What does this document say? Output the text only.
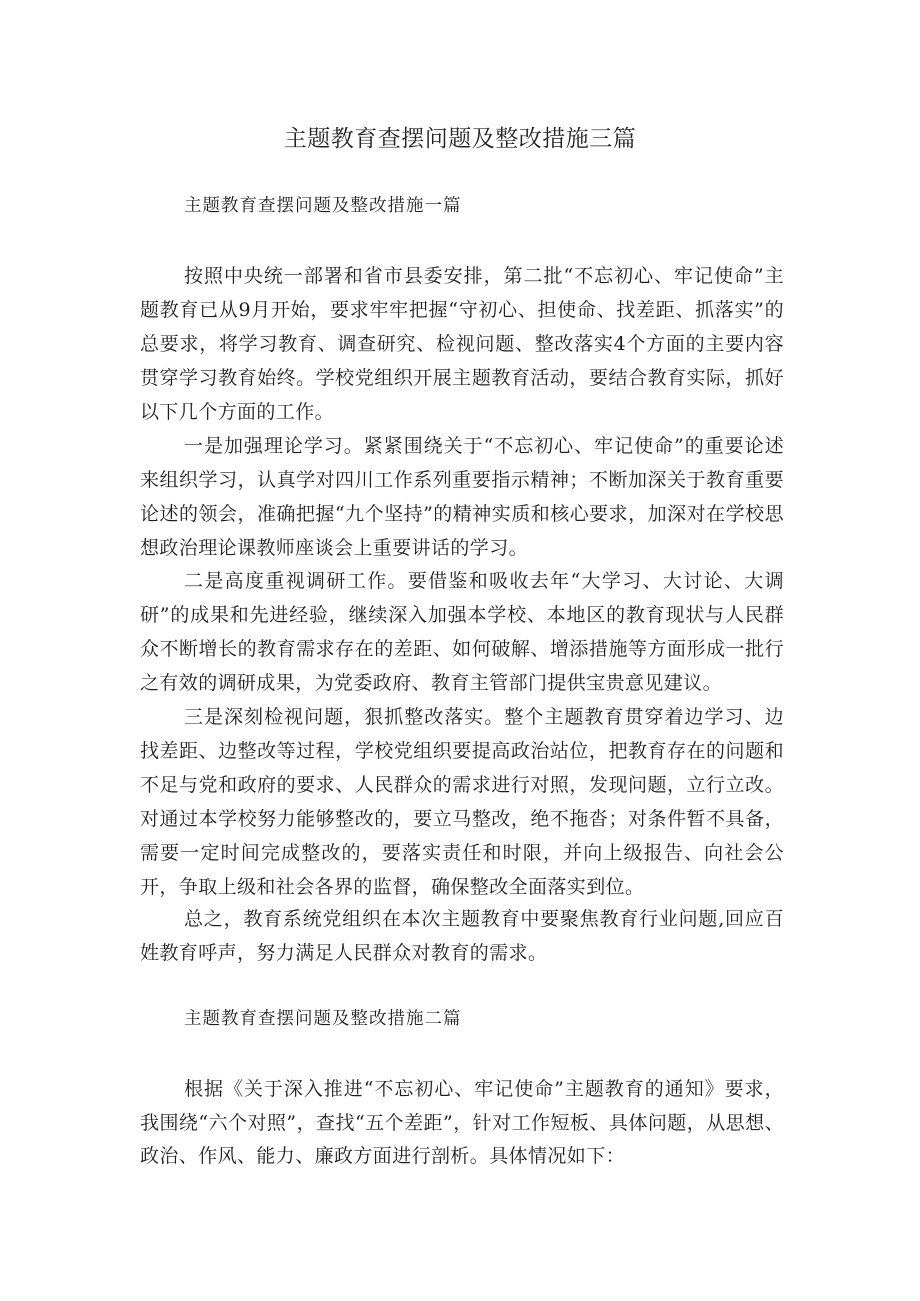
主题教育查摆问题及整改措施三篇
主题教育查摆问题及整改措施一篇

按照中央统一部署和省市县委安排，第二批“不忘初心、牢记使命”主题教育已从9月开始，要求牢牢把握“守初心、担使命、找差距、抓落实”的总要求，将学习教育、调查研究、检视问题、整改落实4个方面的主要内容贯穿学习教育始终。学校党组织开展主题教育活动，要结合教育实际，抓好以下几个方面的工作。

一是加强理论学习。紧紧围绕关于“不忘初心、牢记使命”的重要论述来组织学习，认真学对四川工作系列重要指示精神；不断加深关于教育重要论述的领会，准确把握“九个坚持”的精神实质和核心要求，加深对在学校思想政治理论课教师座谈会上重要讲话的学习。

二是高度重视调研工作。要借鉴和吸收去年“大学习、大讨论、大调研”的成果和先进经验，继续深入加强本学校、本地区的教育现状与人民群众不断增长的教育需求存在的差距、如何破解、增添措施等方面形成一批行之有效的调研成果，为党委政府、教育主管部门提供宝贵意见建议。

三是深刻检视问题，狠抓整改落实。整个主题教育贯穿着边学习、边找差距、边整改等过程，学校党组织要提高政治站位，把教育存在的问题和不足与党和政府的要求、人民群众的需求进行对照，发现问题，立行立改。对通过本学校努力能够整改的，要立马整改，绝不拖沓；对条件暂不具备，需要一定时间完成整改的，要落实责任和时限，并向上级报告、向社会公开，争取上级和社会各界的监督，确保整改全面落实到位。

总之，教育系统党组织在本次主题教育中要聚焦教育行业问题,回应百姓教育呼声，努力满足人民群众对教育的需求。

主题教育查摆问题及整改措施二篇

根据《关于深入推进“不忘初心、牢记使命”主题教育的通知》要求，我围绕“六个对照”，查找“五个差距”，针对工作短板、具体问题，从思想、政治、作风、能力、廉政方面进行剖析。具体情况如下：
